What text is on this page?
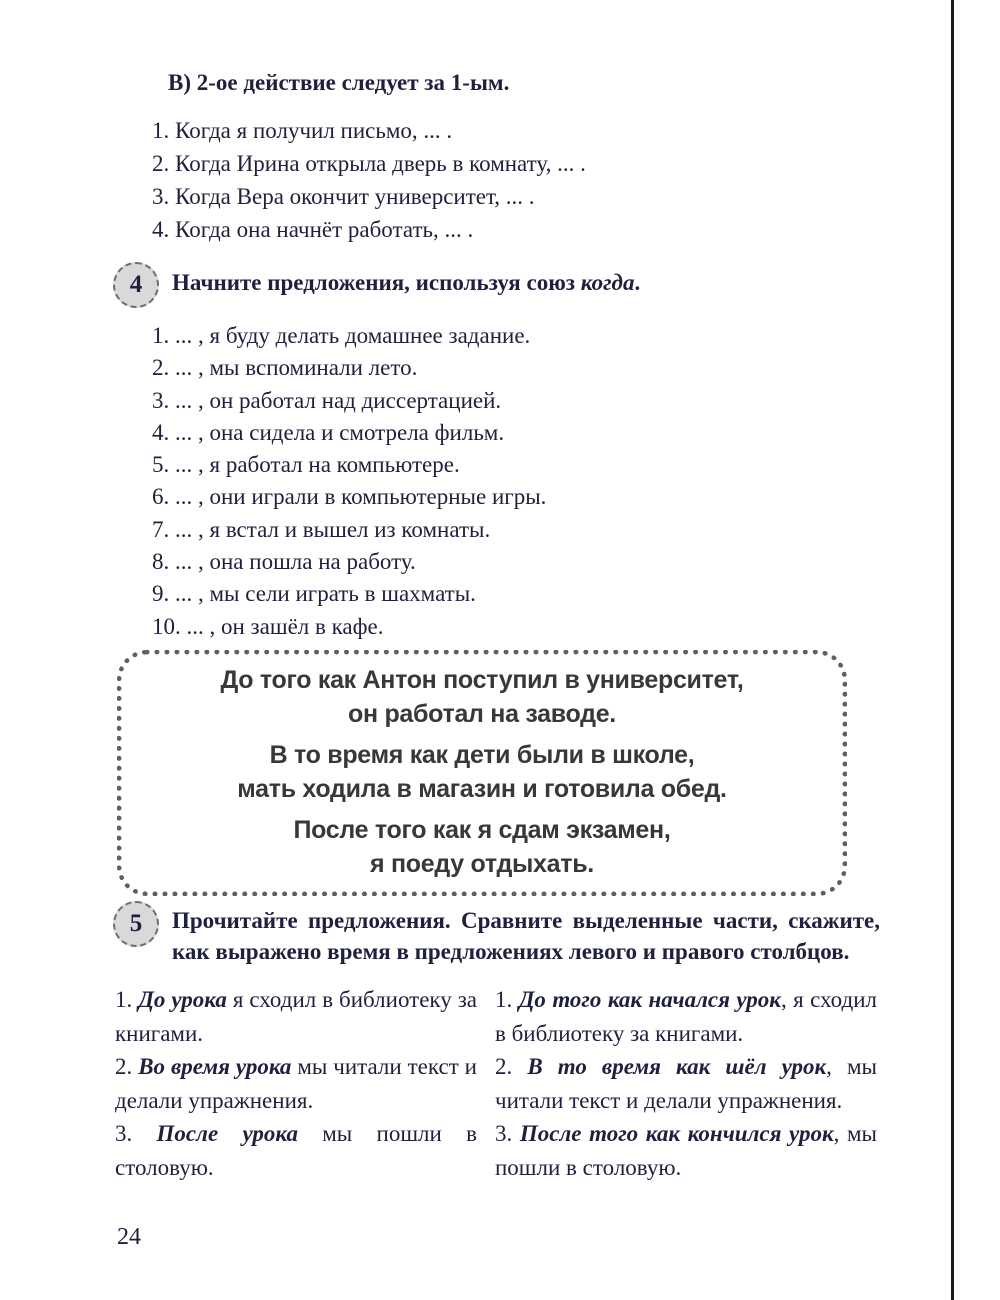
В) 2-ое действие следует за 1-ым.
1. Когда я получил письмо, ... .
2. Когда Ирина открыла дверь в комнату, ... .
3. Когда Вера окончит университет, ... .
4. Когда она начнёт работать, ... .
4 Начните предложения, используя союз когда.
1. ... , я буду делать домашнее задание.
2. ... , мы вспоминали лето.
3. ... , он работал над диссертацией.
4. ... , она сидела и смотрела фильм.
5. ... , я работал на компьютере.
6. ... , они играли в компьютерные игры.
7. ... , я встал и вышел из комнаты.
8. ... , она пошла на работу.
9. ... , мы сели играть в шахматы.
10. ... , он зашёл в кафе.
До того как Антон поступил в университет,
он работал на заводе.
В то время как дети были в школе,
мать ходила в магазин и готовила обед.
После того как я сдам экзамен,
я поеду отдыхать.
5 Прочитайте предложения. Сравните выделенные части, скажите, как выражено время в предложениях левого и правого столбцов.
1. До урока я сходил в библиотеку за книгами.
2. Во время урока мы читали текст и делали упражнения.
3. После урока мы пошли в столовую.
1. До того как начался урок, я сходил в библиотеку за книгами.
2. В то время как шёл урок, мы читали текст и делали упражнения.
3. После того как кончился урок, мы пошли в столовую.
24
